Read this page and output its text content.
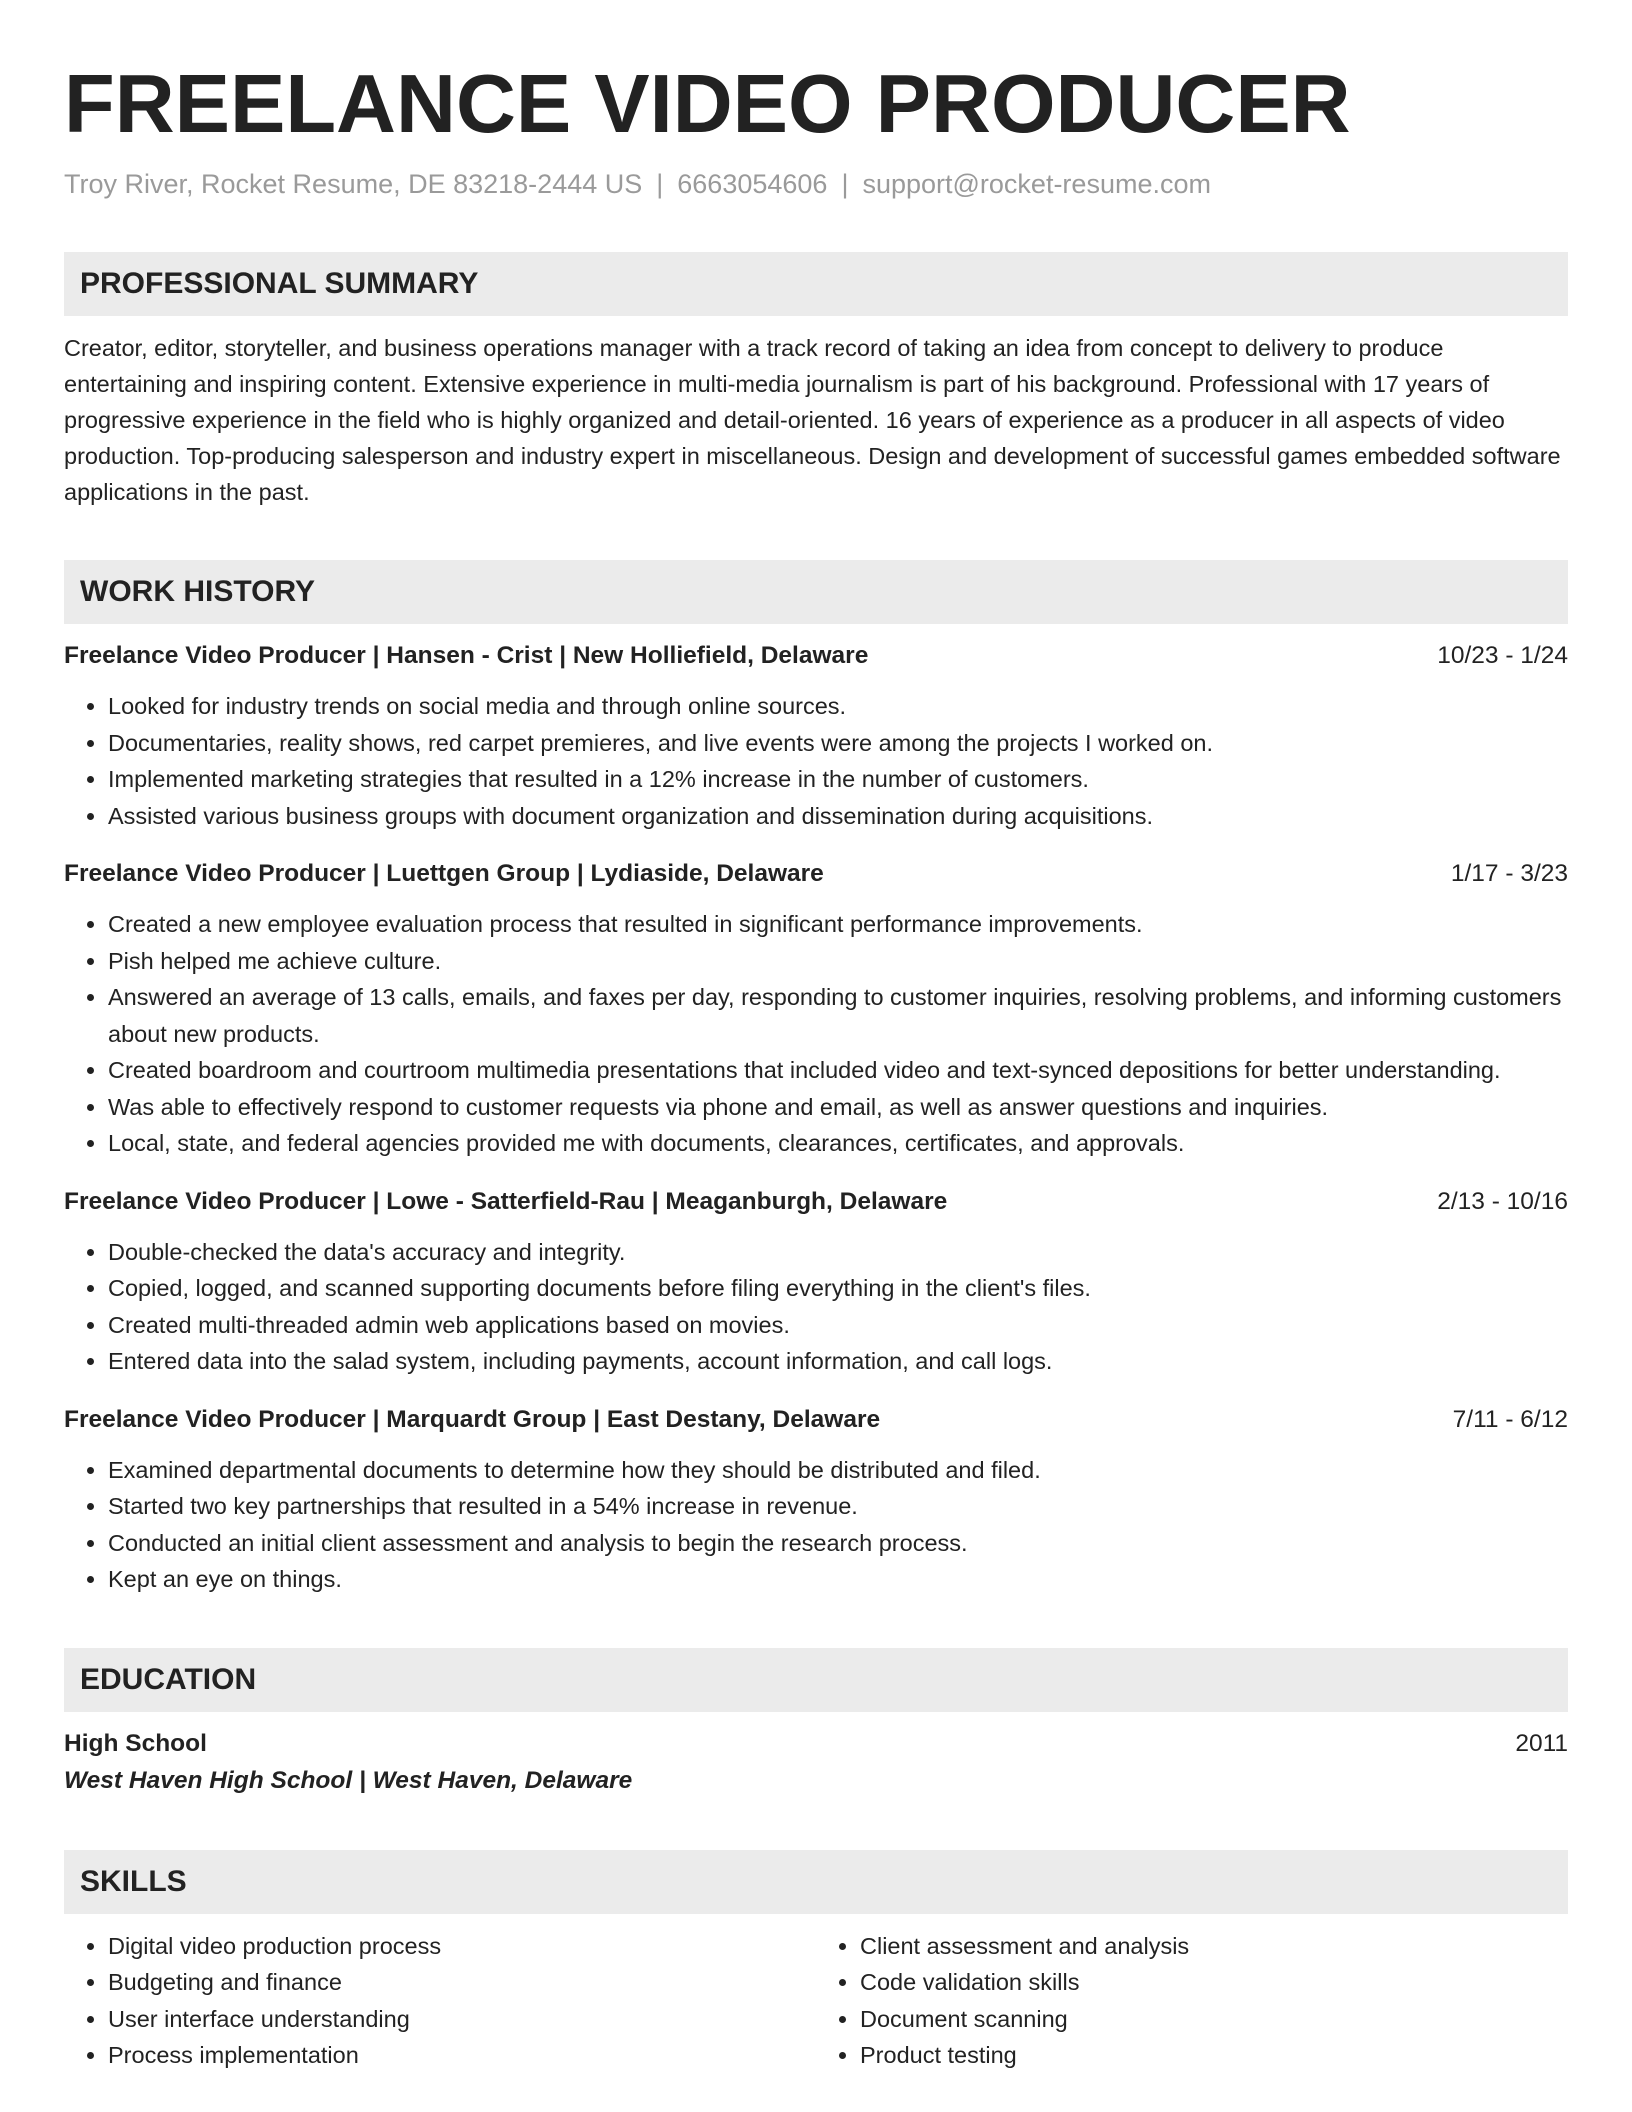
FREELANCE VIDEO PRODUCER
Troy River, Rocket Resume, DE 83218-2444 US | 6663054606 | support@rocket-resume.com
PROFESSIONAL SUMMARY

Creator, editor, storyteller, and business operations manager with a track record of taking an idea from concept to delivery to produce entertaining and inspiring content. Extensive experience in multi-media journalism is part of his background. Professional with 17 years of progressive experience in the field who is highly organized and detail-oriented. 16 years of experience as a producer in all aspects of video production. Top-producing salesperson and industry expert in miscellaneous. Design and development of successful games embedded software applications in the past.

WORK HISTORY
Freelance Video Producer | Hansen - Crist | New Holliefield, Delaware	10/23 - 1/24
• Looked for industry trends on social media and through online sources.
• Documentaries, reality shows, red carpet premieres, and live events were among the projects I worked on.
• Implemented marketing strategies that resulted in a 12% increase in the number of customers.
• Assisted various business groups with document organization and dissemination during acquisitions.
Freelance Video Producer | Luettgen Group | Lydiaside, Delaware	1/17 - 3/23
• Created a new employee evaluation process that resulted in significant performance improvements.
• Pish helped me achieve culture.
• Answered an average of 13 calls, emails, and faxes per day, responding to customer inquiries, resolving problems, and informing customers about new products.
• Created boardroom and courtroom multimedia presentations that included video and text-synced depositions for better understanding.
• Was able to effectively respond to customer requests via phone and email, as well as answer questions and inquiries.
• Local, state, and federal agencies provided me with documents, clearances, certificates, and approvals.
Freelance Video Producer | Lowe - Satterfield-Rau | Meaganburgh, Delaware	2/13 - 10/16
• Double-checked the data's accuracy and integrity.
• Copied, logged, and scanned supporting documents before filing everything in the client's files.
• Created multi-threaded admin web applications based on movies.
• Entered data into the salad system, including payments, account information, and call logs.
Freelance Video Producer | Marquardt Group | East Destany, Delaware	7/11 - 6/12
• Examined departmental documents to determine how they should be distributed and filed.
• Started two key partnerships that resulted in a 54% increase in revenue.
• Conducted an initial client assessment and analysis to begin the research process.
• Kept an eye on things.
EDUCATION
High School	2011
West Haven High School | West Haven, Delaware
SKILLS
• Digital video production process
• Budgeting and finance
• User interface understanding
• Process implementation
• Client assessment and analysis
• Code validation skills
• Document scanning
• Product testing
